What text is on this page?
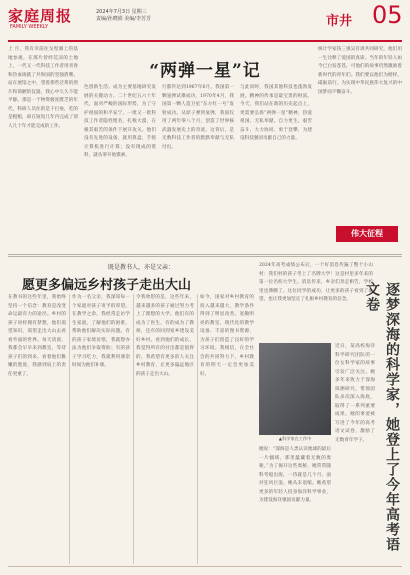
家庭周报
FAMILY WEEKLY
2024年7月3日 星期三
责编/孙晓娟 美编/李芳芳	市井 05
上 月，我有幸前往戈壁滩上的基地参观。在那片曾经荒凉的土地上，一代又一代科技工作者用青春和热血铸就了共和国的坚强盾牌。站在展馆之中，望着那些泛黄的照片和简陋的仪器，我心中久久不能平静。那是一个物资极度匮乏的年代，科研人员住的是干打垒，吃的是粗粮，却在短短几年内完成了别人几十年才能完成的工作。
“两弹一星”记
色创新生活。成为主要基地研究发展的关键动力。二十世纪五六十年代，面对严峻的国际形势，为了守护祖国的和平安宁，一批又一批科技工作者隐姓埋名，扎根大漠，在极其艰苦的条件下展开攻关。他们没有先进的设备，就用算盘、手摇计算机进行计算；没有现成的资料，就从零开始摸索。
行都传达到1967年6月。我国第一颗氢弹试爆成功，1970年4月，我国第一颗人造卫星“东方红一号”发射成功。从原子弹到氢弹，我国仅用了两年零八个月，创造了世界核武器发展史上的奇迹。这背后，是无数科技工作者的默默奉献与无私付出。
与此同时，我国其他科技也蓬勃发展。精神的传承是最宝贵的财富。今天，我们站在新的历史起点上，更需要弘扬“两弹一星”精神，热爱祖国、无私奉献、自力更生、艰苦奋斗、大力协同、勇于登攀，为建设科技强国贡献自己的力量。
统计学家钱三强吴有训共同研究，他们用一生诠释了爱国的真谛。当年的年轻人如今已白发苍苍，可他们的故事仍然激励着新时代的青年们。我们要以他们为榜样，砥砺前行，为实现中华民族伟大复兴的中国梦而不懈奋斗。
伟大征程
既是教书人，亦是父亲：
愿更多偏远乡村孩子走出大山
在教书的这些年里，我始终坚持一个信念：教育是改变命运最有力的途径。乡村的孩子同样拥有梦想，他们渴望知识，渴望走出大山去看看外面的世界。每天清晨，我都会早早来到教室，等待孩子们的到来。看着他们稚嫩的脸庞，我感到肩上的责任更重了。
作为一名父亲，我深知每一个家庭对孩子寄予的厚望。在教学之余，我经常走访学生家庭，了解他们的困难，帮助他们解决实际问题。有的孩子家境贫寒，我就想办法为他们争取资助；有的孩子学习吃力，我就利用课余时间为他们补课。
令我欣慰的是，这些年来，越来越多的孩子通过努力考上了理想的大学。他们有的成为了医生，有的成为了教师，还有的回到家乡建设美好乡村。看到他们的成长，我觉得所有的付出都是值得的。我希望有更多的人关注乡村教育，让更多偏远地区的孩子走出大山。
如今，国家对乡村教育的投入越来越大，教学条件得到了明显改善。宽敞明亮的教室、现代化的教学设备、丰富的图书资源，为孩子们创造了良好的学习环境。我相信，在全社会的共同努力下，乡村教育的明天一定会更加美好。
2024年高考成绩公布后，一个好消息传遍了整个小山村：我们村的孩子考上了名牌大学！这是村里多年来的第一位名校大学生。消息传来，乡亲们奔走相告，学校里也沸腾了。这位同学的成功，让更多的孩子看到了希望，也让我更加坚定了扎根乡村教育的信念。
▲科学家在工作中
近日，某高校海洋科学研究团队的一位女科学家的故事引发广泛关注。她多年来致力于深海探测研究，带领团队多次深入海底，取得了一系列重要成果。她的事迹被写进了今年的高考语文试卷，激励了无数青年学子。
她说：“深海是人类认识地球的最后一片疆域，那里蕴藏着无数的奥秘。”为了揭开这些奥秘，她常常随科考船出海，一待就是几个月。面对狂风巨浪，她从未退缩。她希望更多的年轻人投身海洋科学事业，为建设海洋强国贡献力量。	逐梦深海的科学家，她登上了今年高考语文卷
